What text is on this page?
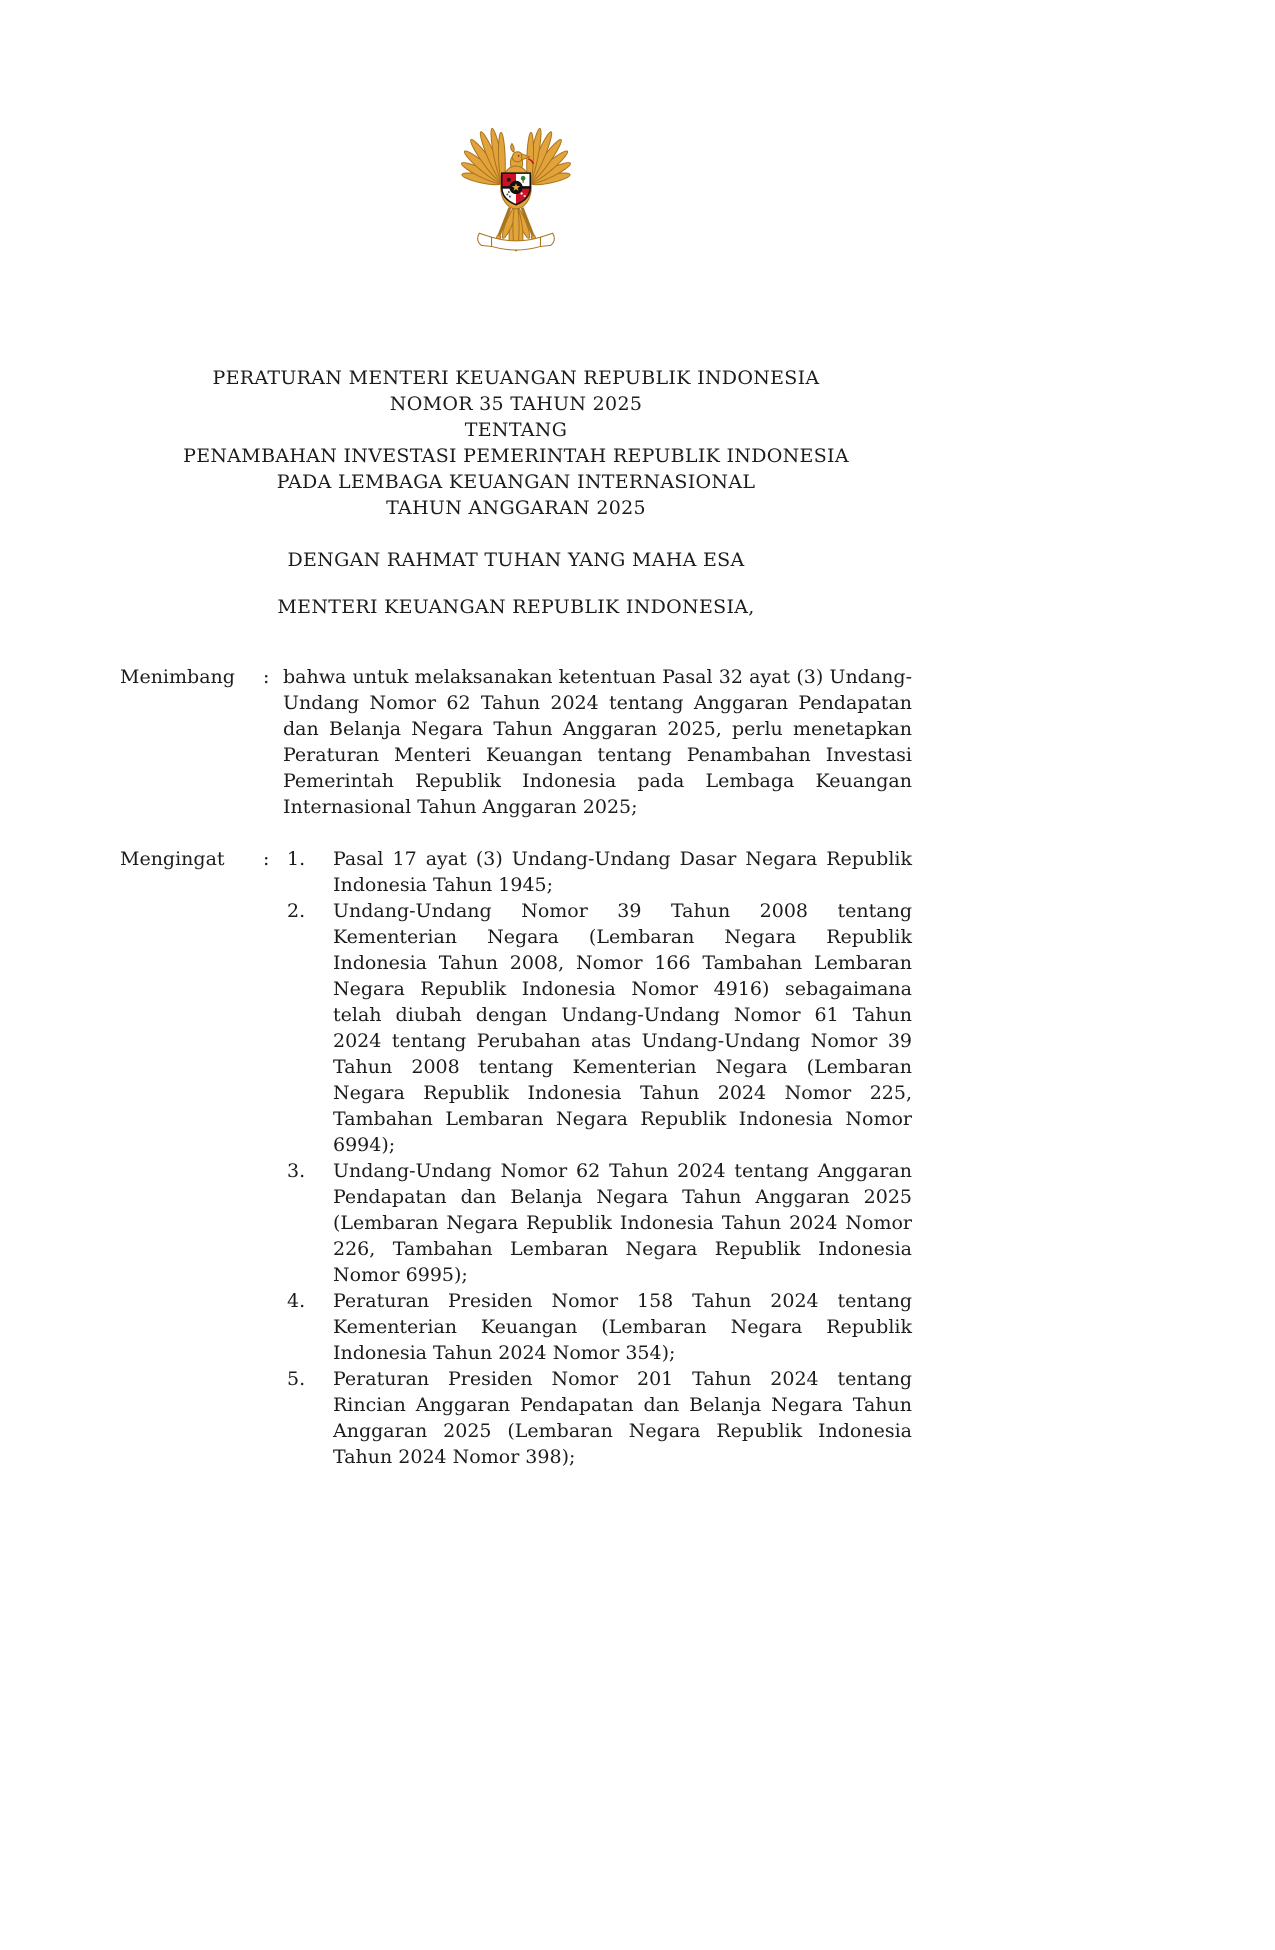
PERATURAN MENTERI KEUANGAN REPUBLIK INDONESIA
NOMOR 35 TAHUN 2025
TENTANG
PENAMBAHAN INVESTASI PEMERINTAH REPUBLIK INDONESIA
PADA LEMBAGA KEUANGAN INTERNASIONAL
TAHUN ANGGARAN 2025
DENGAN RAHMAT TUHAN YANG MAHA ESA
MENTERI KEUANGAN REPUBLIK INDONESIA,
Menimbang	: bahwa untuk melaksanakan ketentuan Pasal 32 ayat (3) Undang-Undang Nomor 62 Tahun 2024 tentang Anggaran Pendapatan dan Belanja Negara Tahun Anggaran 2025, perlu menetapkan Peraturan Menteri Keuangan tentang Penambahan Investasi Pemerintah Republik Indonesia pada Lembaga Keuangan Internasional Tahun Anggaran 2025;
Mengingat	: 1.	Pasal 17 ayat (3) Undang-Undang Dasar Negara Republik Indonesia Tahun 1945;
2.	Undang-Undang Nomor 39 Tahun 2008 tentang Kementerian Negara (Lembaran Negara Republik Indonesia Tahun 2008, Nomor 166 Tambahan Lembaran Negara Republik Indonesia Nomor 4916) sebagaimana telah diubah dengan Undang-Undang Nomor 61 Tahun 2024 tentang Perubahan atas Undang-Undang Nomor 39 Tahun 2008 tentang Kementerian Negara (Lembaran Negara Republik Indonesia Tahun 2024 Nomor 225, Tambahan Lembaran Negara Republik Indonesia Nomor 6994);
3.	Undang-Undang Nomor 62 Tahun 2024 tentang Anggaran Pendapatan dan Belanja Negara Tahun Anggaran 2025 (Lembaran Negara Republik Indonesia Tahun 2024 Nomor 226, Tambahan Lembaran Negara Republik Indonesia Nomor 6995);
4.	Peraturan Presiden Nomor 158 Tahun 2024 tentang Kementerian Keuangan (Lembaran Negara Republik Indonesia Tahun 2024 Nomor 354);
5.	Peraturan Presiden Nomor 201 Tahun 2024 tentang Rincian Anggaran Pendapatan dan Belanja Negara Tahun Anggaran 2025 (Lembaran Negara Republik Indonesia Tahun 2024 Nomor 398);
